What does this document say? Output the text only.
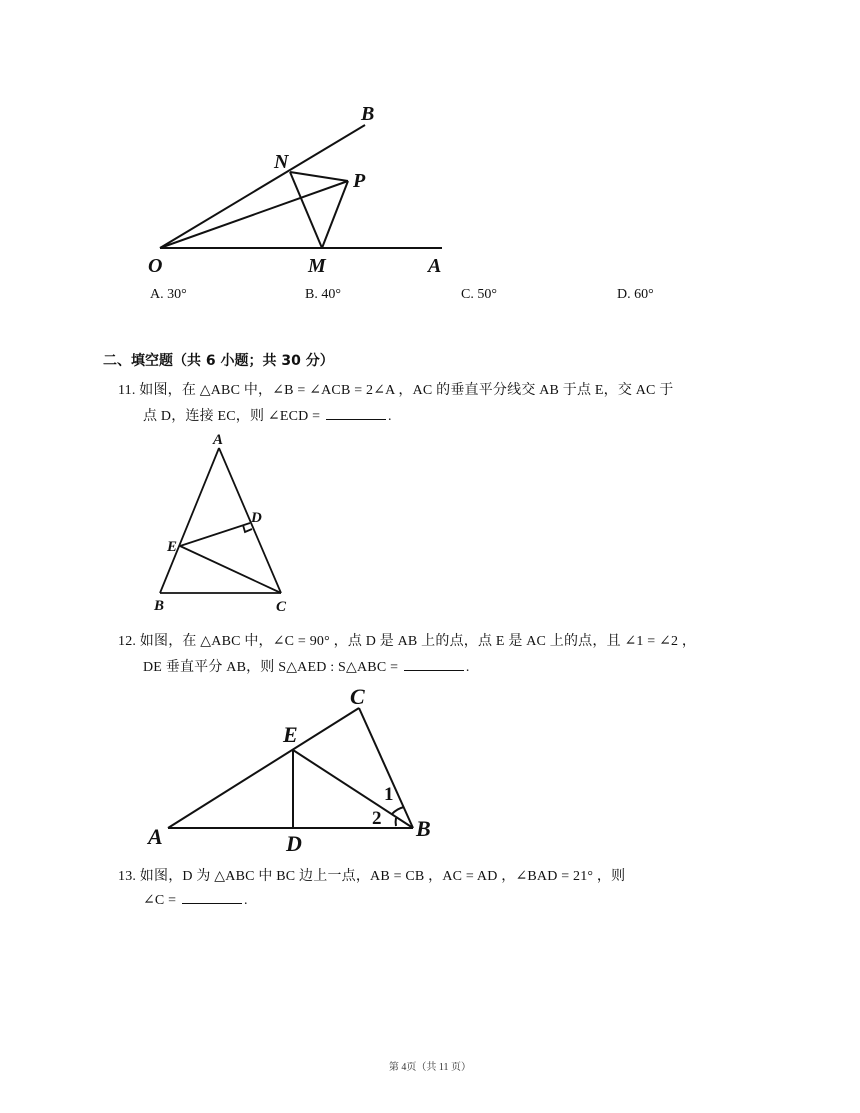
B
N
P
O	M	A
A. 30°	B. 40°	C. 50°	D. 60°
二、填空题（共 6 小题；共 30 分）
11. 如图，在 △ABC 中，∠B = ∠ACB = 2∠A ，AC 的垂直平分线交 AB 于点 E，交 AC 于
点 D，连接 EC，则 ∠ECD =	.
A
D
E
B	C
12. 如图，在 △ABC 中，∠C = 90° ，点 D 是 AB 上的点，点 E 是 AC 上的点，且 ∠1 = ∠2 ，
DE 垂直平分 AB，则 S△AED : S△ABC =	.
C
E
A	D
B
1
2
13. 如图，D 为 △ABC 中 BC 边上一点，AB = CB ，AC = AD ，∠BAD = 21° ，则
∠C =	.
第 4页（共 11 页）
